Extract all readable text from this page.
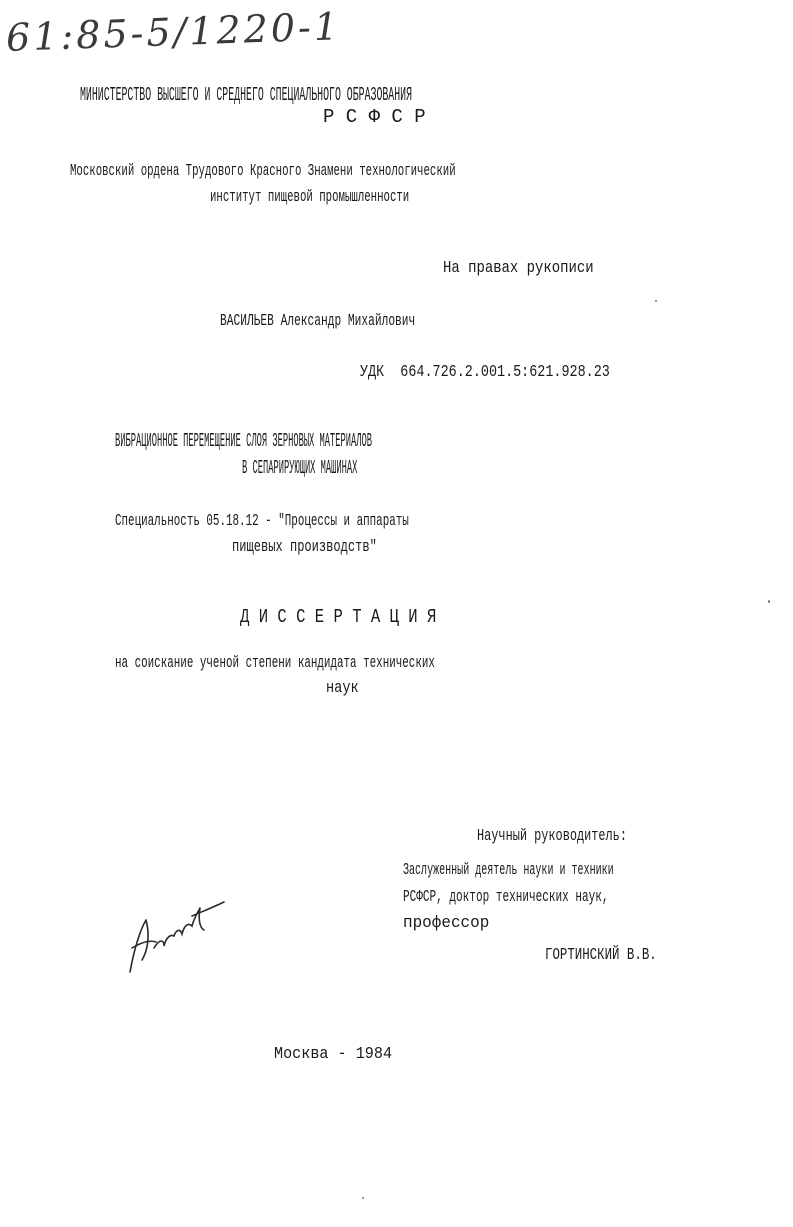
61:85-5/1220-1
МИНИСТЕРСТВО ВЫСШЕГО И СРЕДНЕГО СПЕЦИАЛЬНОГО ОБРАЗОВАНИЯ
Р С Ф С Р
Московский ордена Трудового Красного Знамени технологический
институт пищевой промышленности
На правах рукописи
ВАСИЛЬЕВ Александр Михайлович
УДК  664.726.2.001.5:621.928.23
ВИБРАЦИОННОЕ ПЕРЕМЕЩЕНИЕ СЛОЯ ЗЕРНОВЫХ МАТЕРИАЛОВ
В СЕПАРИРУЮЩИХ МАШИНАХ
Специальность 05.18.12 - "Процессы и аппараты
пищевых производств"
Д И С С Е Р Т А Ц И Я
на соискание ученой степени кандидата технических
наук
Научный руководитель:
Заслуженный деятель науки и техники
РСФСР, доктор технических наук,
профессор
ГОРТИНСКИЙ В.В.
Москва - 1984
